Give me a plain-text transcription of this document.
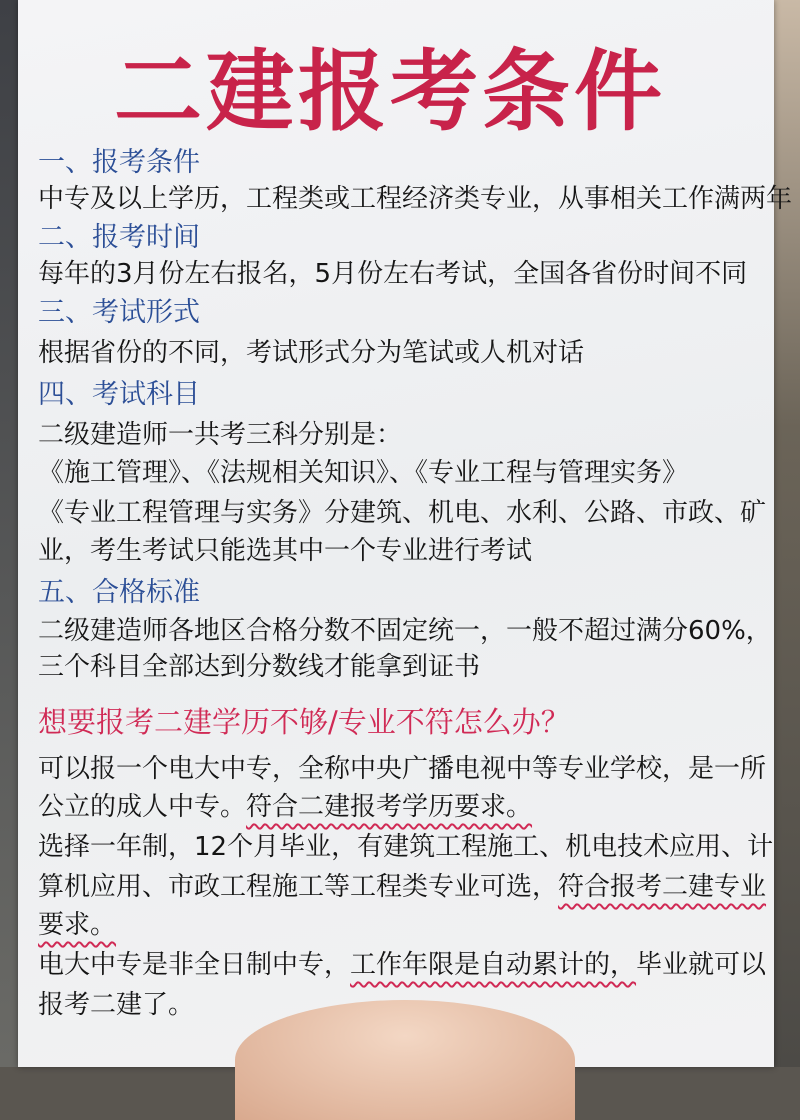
二建报考条件
一、报考条件
中专及以上学历，工程类或工程经济类专业，从事相关工作满两年
二、报考时间
每年的3月份左右报名，5月份左右考试，全国各省份时间不同
三、考试形式
根据省份的不同，考试形式分为笔试或人机对话
四、考试科目
二级建造师一共考三科分别是：
《施工管理》、《法规相关知识》、《专业工程与管理实务》
《专业工程管理与实务》分建筑、机电、水利、公路、市政、矿
业，考生考试只能选其中一个专业进行考试
五、合格标准
二级建造师各地区合格分数不固定统一，一般不超过满分60%，
三个科目全部达到分数线才能拿到证书
想要报考二建学历不够/专业不符怎么办？
可以报一个电大中专，全称中央广播电视中等专业学校，是一所
公立的成人中专。符合二建报考学历要求。
选择一年制，12个月毕业，有建筑工程施工、机电技术应用、计
算机应用、市政工程施工等工程类专业可选，符合报考二建专业
要求。
电大中专是非全日制中专，工作年限是自动累计的，毕业就可以
报考二建了。
